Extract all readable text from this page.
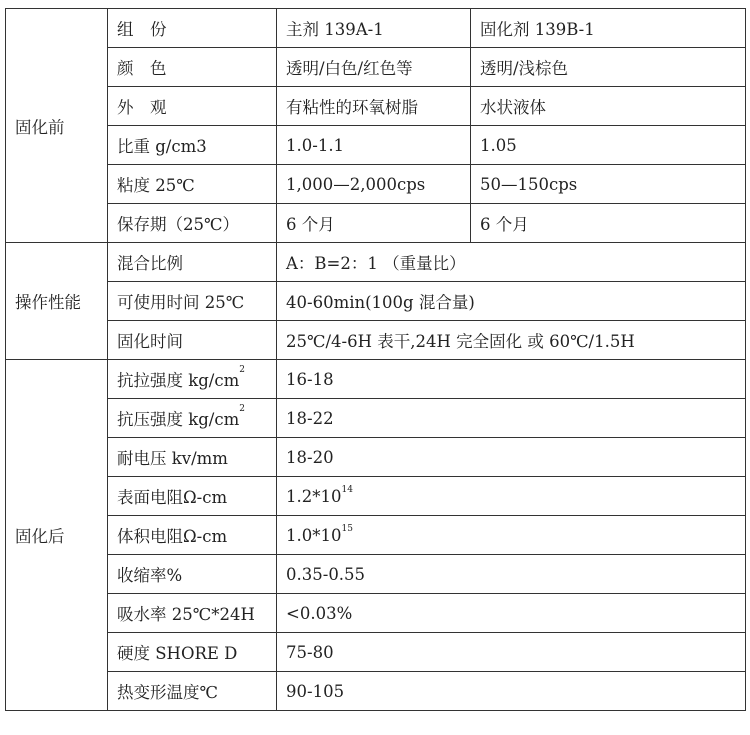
固化前	组　份	主剂 139A-1	固化剂 139B-1
	颜　色	透明/白色/红色等	透明/浅棕色
	外　观	有粘性的环氧树脂	水状液体
	比重 g/cm3	1.0-1.1	1.05
	粘度 25℃	1,000—2,000cps	50—150cps
	保存期（25℃）	6 个月	6 个月
操作性能	混合比例	A：B=2：1 （重量比）	
	可使用时间 25℃	40-60min(100g 混合量)	
	固化时间	25℃/4-6H 表干,24H 完全固化 或 60℃/1.5H	
固化后	抗拉强度 $kg/cm^2$	16-18	
	抗压强度 $kg/cm^2$	18-22	
	耐电压 kv/mm	18-20	
	表面电阻Ω-cm	$1.2*10^{14}$
	体积电阻Ω-cm	$1.0*10^{15}$
	收缩率%	0.35-0.55	
	吸水率 25℃*24H	<0.03%	
	硬度 SHORE D	75-80	
	热变形温度℃	90-105	
